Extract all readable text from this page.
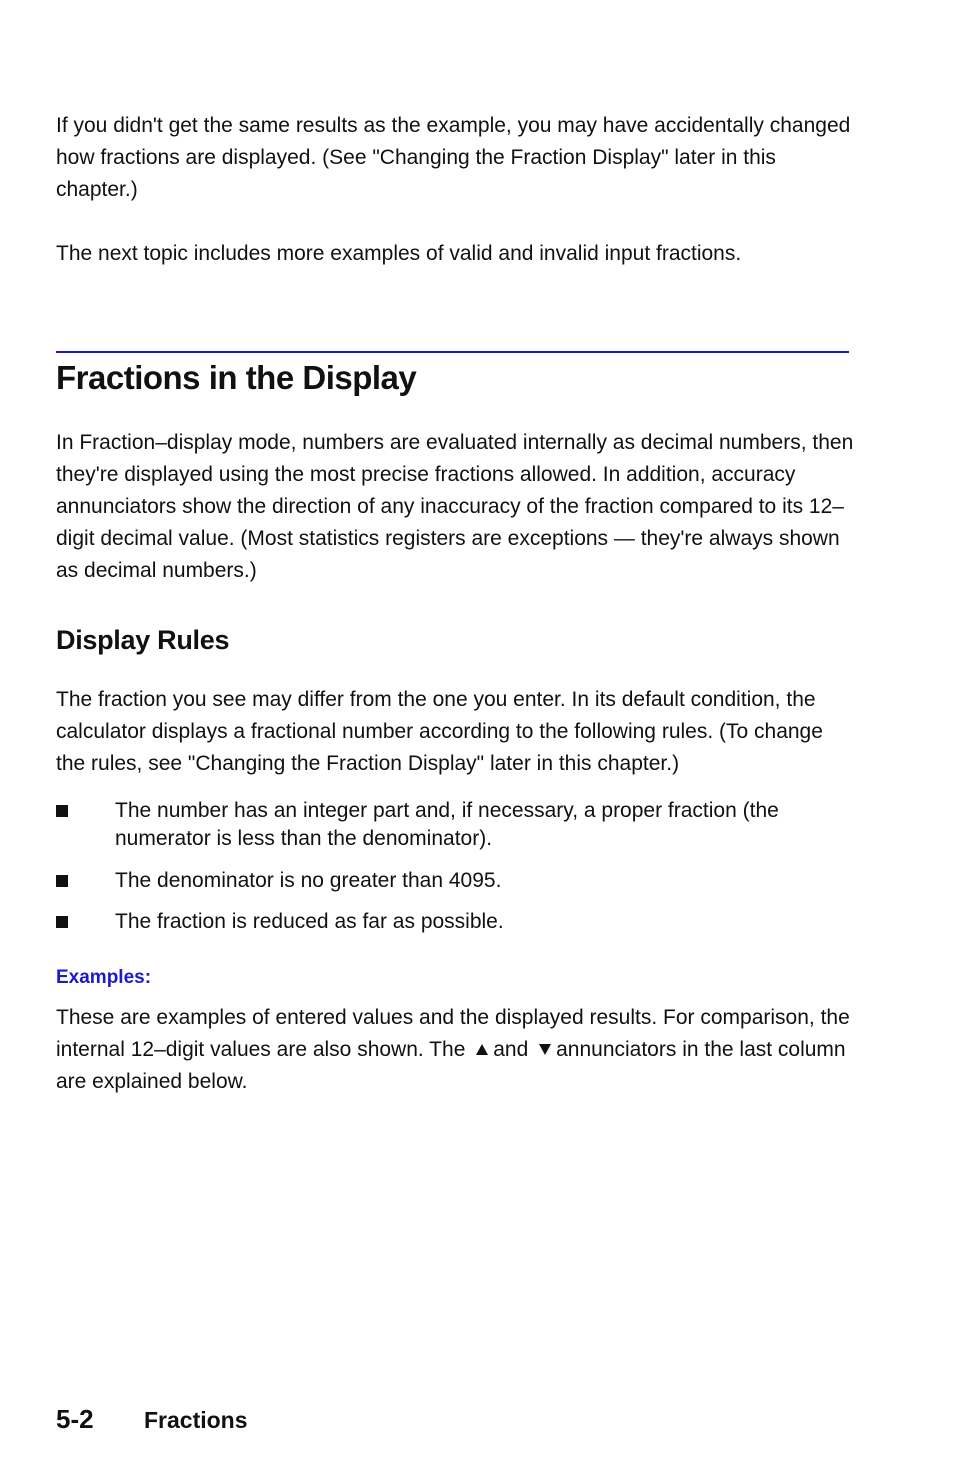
If you didn't get the same results as the example, you may have accidentally changed how fractions are displayed. (See "Changing the Fraction Display" later in this chapter.)

The next topic includes more examples of valid and invalid input fractions.

Fractions in the Display

In Fraction–display mode, numbers are evaluated internally as decimal numbers, then they're displayed using the most precise fractions allowed. In addition, accuracy annunciators show the direction of any inaccuracy of the fraction compared to its 12–digit decimal value. (Most statistics registers are exceptions — they're always shown as decimal numbers.)

Display Rules

The fraction you see may differ from the one you enter. In its default condition, the calculator displays a fractional number according to the following rules. (To change the rules, see "Changing the Fraction Display" later in this chapter.)

The number has an integer part and, if necessary, a proper fraction (the numerator is less than the denominator).
The denominator is no greater than 4095.
The fraction is reduced as far as possible.
Examples:

These are examples of entered values and the displayed results. For comparison, the internal 12–digit values are also shown. The and annunciators in the last column are explained below.

5-2 Fractions
